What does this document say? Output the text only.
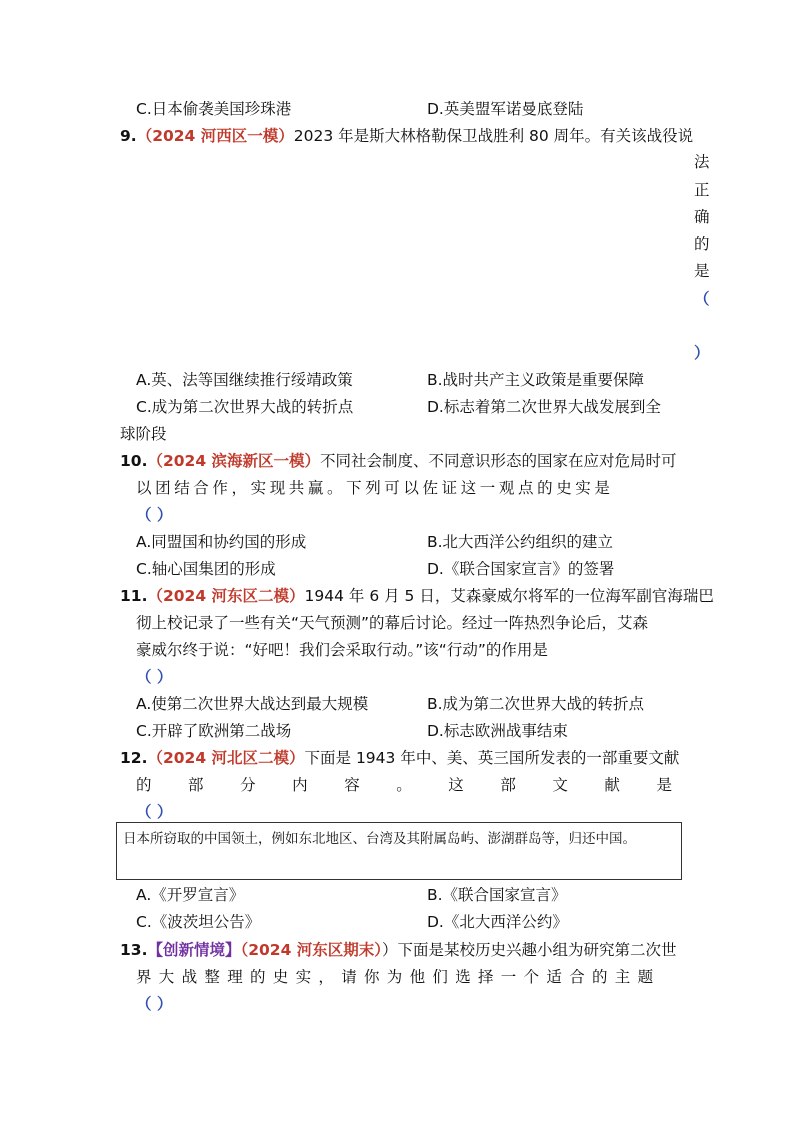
C.日本偷袭美国珍珠港	D.英美盟军诺曼底登陆
9.（2024 河西区一模）2023 年是斯大林格勒保卫战胜利 80 周年。有关该战役说
法
正
确
的
是
（
）
A.英、法等国继续推行绥靖政策	B.战时共产主义政策是重要保障
C.成为第二次世界大战的转折点	D.标志着第二次世界大战发展到全
球阶段
10.（2024 滨海新区一模）不同社会制度、不同意识形态的国家在应对危局时可
以团结合作，实现共赢。下列可以佐证这一观点的史实是
（ ）
A.同盟国和协约国的形成	B.北大西洋公约组织的建立
C.轴心国集团的形成	D.《联合国家宣言》的签署
11.（2024 河东区二模）1944 年 6 月 5 日，艾森豪威尔将军的一位海军副官海瑞巴
彻上校记录了一些有关“天气预测”的幕后讨论。经过一阵热烈争论后，艾森
豪威尔终于说：“好吧！我们会采取行动。”该“行动”的作用是
（ ）
A.使第二次世界大战达到最大规模	B.成为第二次世界大战的转折点
C.开辟了欧洲第二战场	D.标志欧洲战事结束
12.（2024 河北区二模）下面是 1943 年中、美、英三国所发表的一部重要文献
的 部 分 内 容 。 这 部 文 献 是
（ ）
日本所窃取的中国领土，例如东北地区、台湾及其附属岛屿、澎湖群岛等，归还中国。
A.《开罗宣言》	B.《联合国家宣言》
C.《波茨坦公告》	D.《北大西洋公约》
13.【创新情境】（2024 河东区期末））下面是某校历史兴趣小组为研究第二次世
界大战整理的史实，请你为他们选择一个适合的主题
（ ）
